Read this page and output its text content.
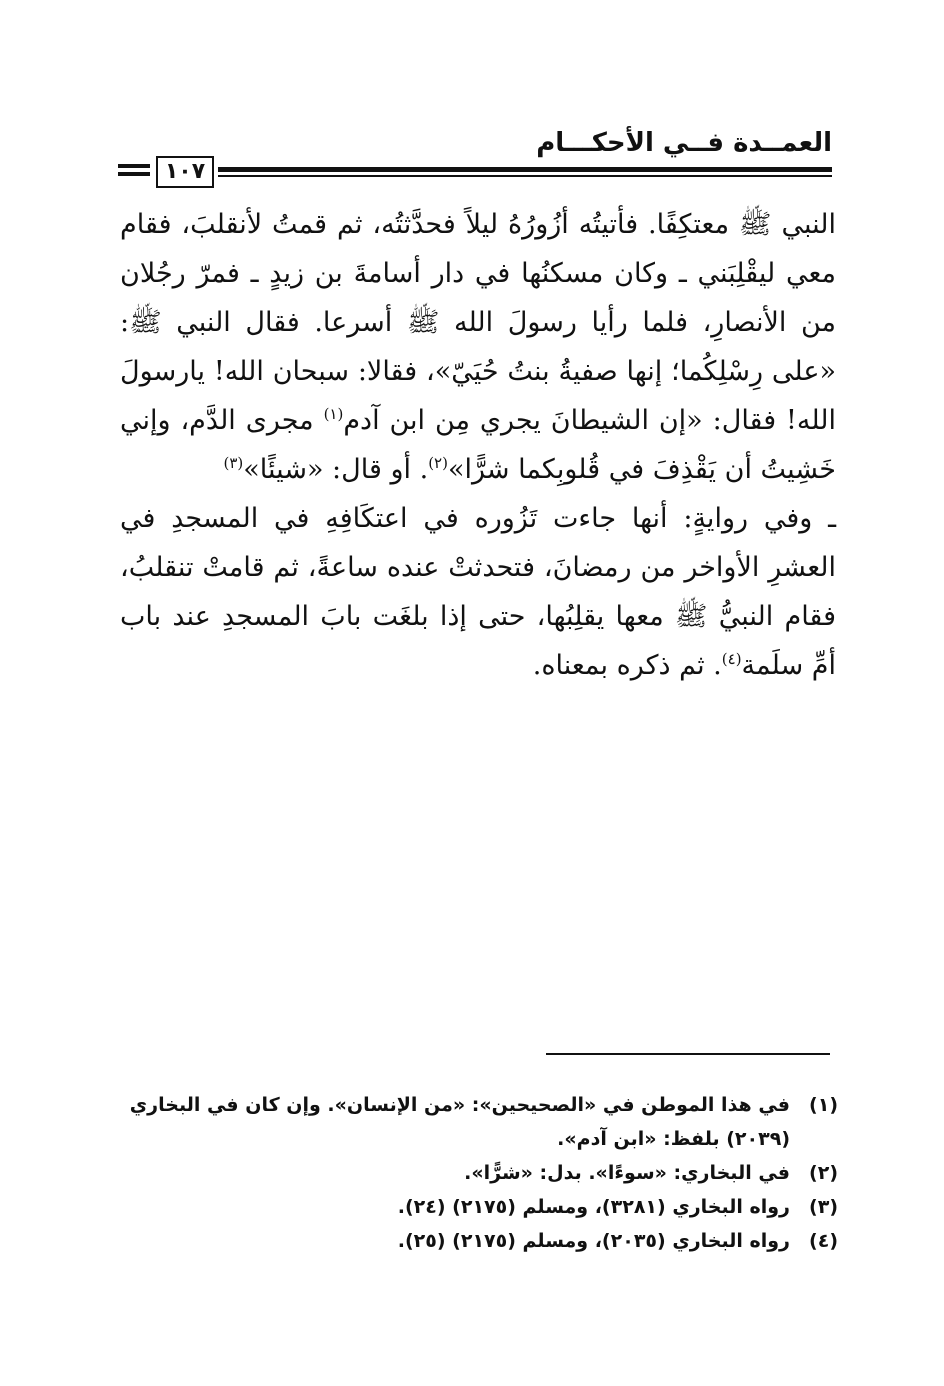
العمــدة فــي الأحكـــام
١٠٧

النبي ﷺ معتكِفًا. فأتيتُه أزُورُهُ ليلاً فحدَّثتُه، ثم قمتُ لأنقلبَ، فقام معي ليقْلِبَني ـ وكان مسكنُها في دار أسامةَ بن زيدٍ ـ فمرّ رجُلان من الأنصارِ، فلما رأيا رسولَ الله ﷺ أسرعا. فقال النبي ﷺ: «على رِسْلِكُما؛ إنها صفيةُ بنتُ حُيَيّ»، فقالا: سبحان الله! يارسولَ الله! فقال: «إن الشيطانَ يجري مِن ابن آدم$^{(١)}$ مجرى الدَّم، وإني خَشِيتُ أن يَقْذِفَ في قُلوبِكما شرًّا»$^{(٢)}$. أو قال: «شيئًا»$^{(٣)}$

ـ وفي روايةٍ: أنها جاءت تَزُوره في اعتكَافِهِ في المسجدِ في العشرِ الأواخر من رمضانَ، فتحدثتْ عنده ساعةً، ثم قامتْ تنقلبُ، فقام النبيُّ ﷺ معها يقلِبُها، حتى إذا بلغَت بابَ المسجدِ عند باب أمِّ سلَمة$^{(٤)}$. ثم ذكره بمعناه.

(١)
في هذا الموطن في «الصحيحين»: «من الإنسان». وإن كان في البخاري (٢٠٣٩) بلفظ: «ابن آدم».
(٢)
في البخاري: «سوءًا». بدل: «شرًّا».
(٣)
رواه البخاري (٣٢٨١)، ومسلم (٢١٧٥) (٢٤).
(٤)
رواه البخاري (٢٠٣٥)، ومسلم (٢١٧٥) (٢٥).
